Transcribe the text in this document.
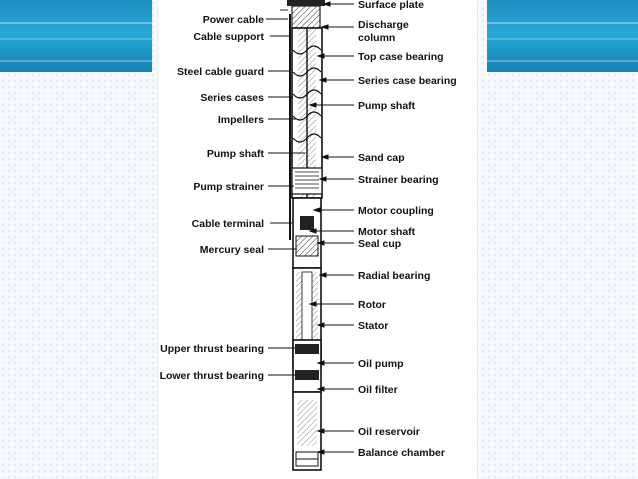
Power cable
Cable support
Steel cable guard
Series cases
Impellers
Pump shaft
Pump strainer
Cable terminal
Mercury seal
Upper thrust bearing
Lower thrust bearing
Surface plate
Discharge
column
Top case bearing
Series case bearing
Pump shaft
Sand cap
Strainer bearing
Motor coupling
Motor shaft
Seal cup
Radial bearing
Rotor
Stator
Oil pump
Oil filter
Oil reservoir
Balance chamber
